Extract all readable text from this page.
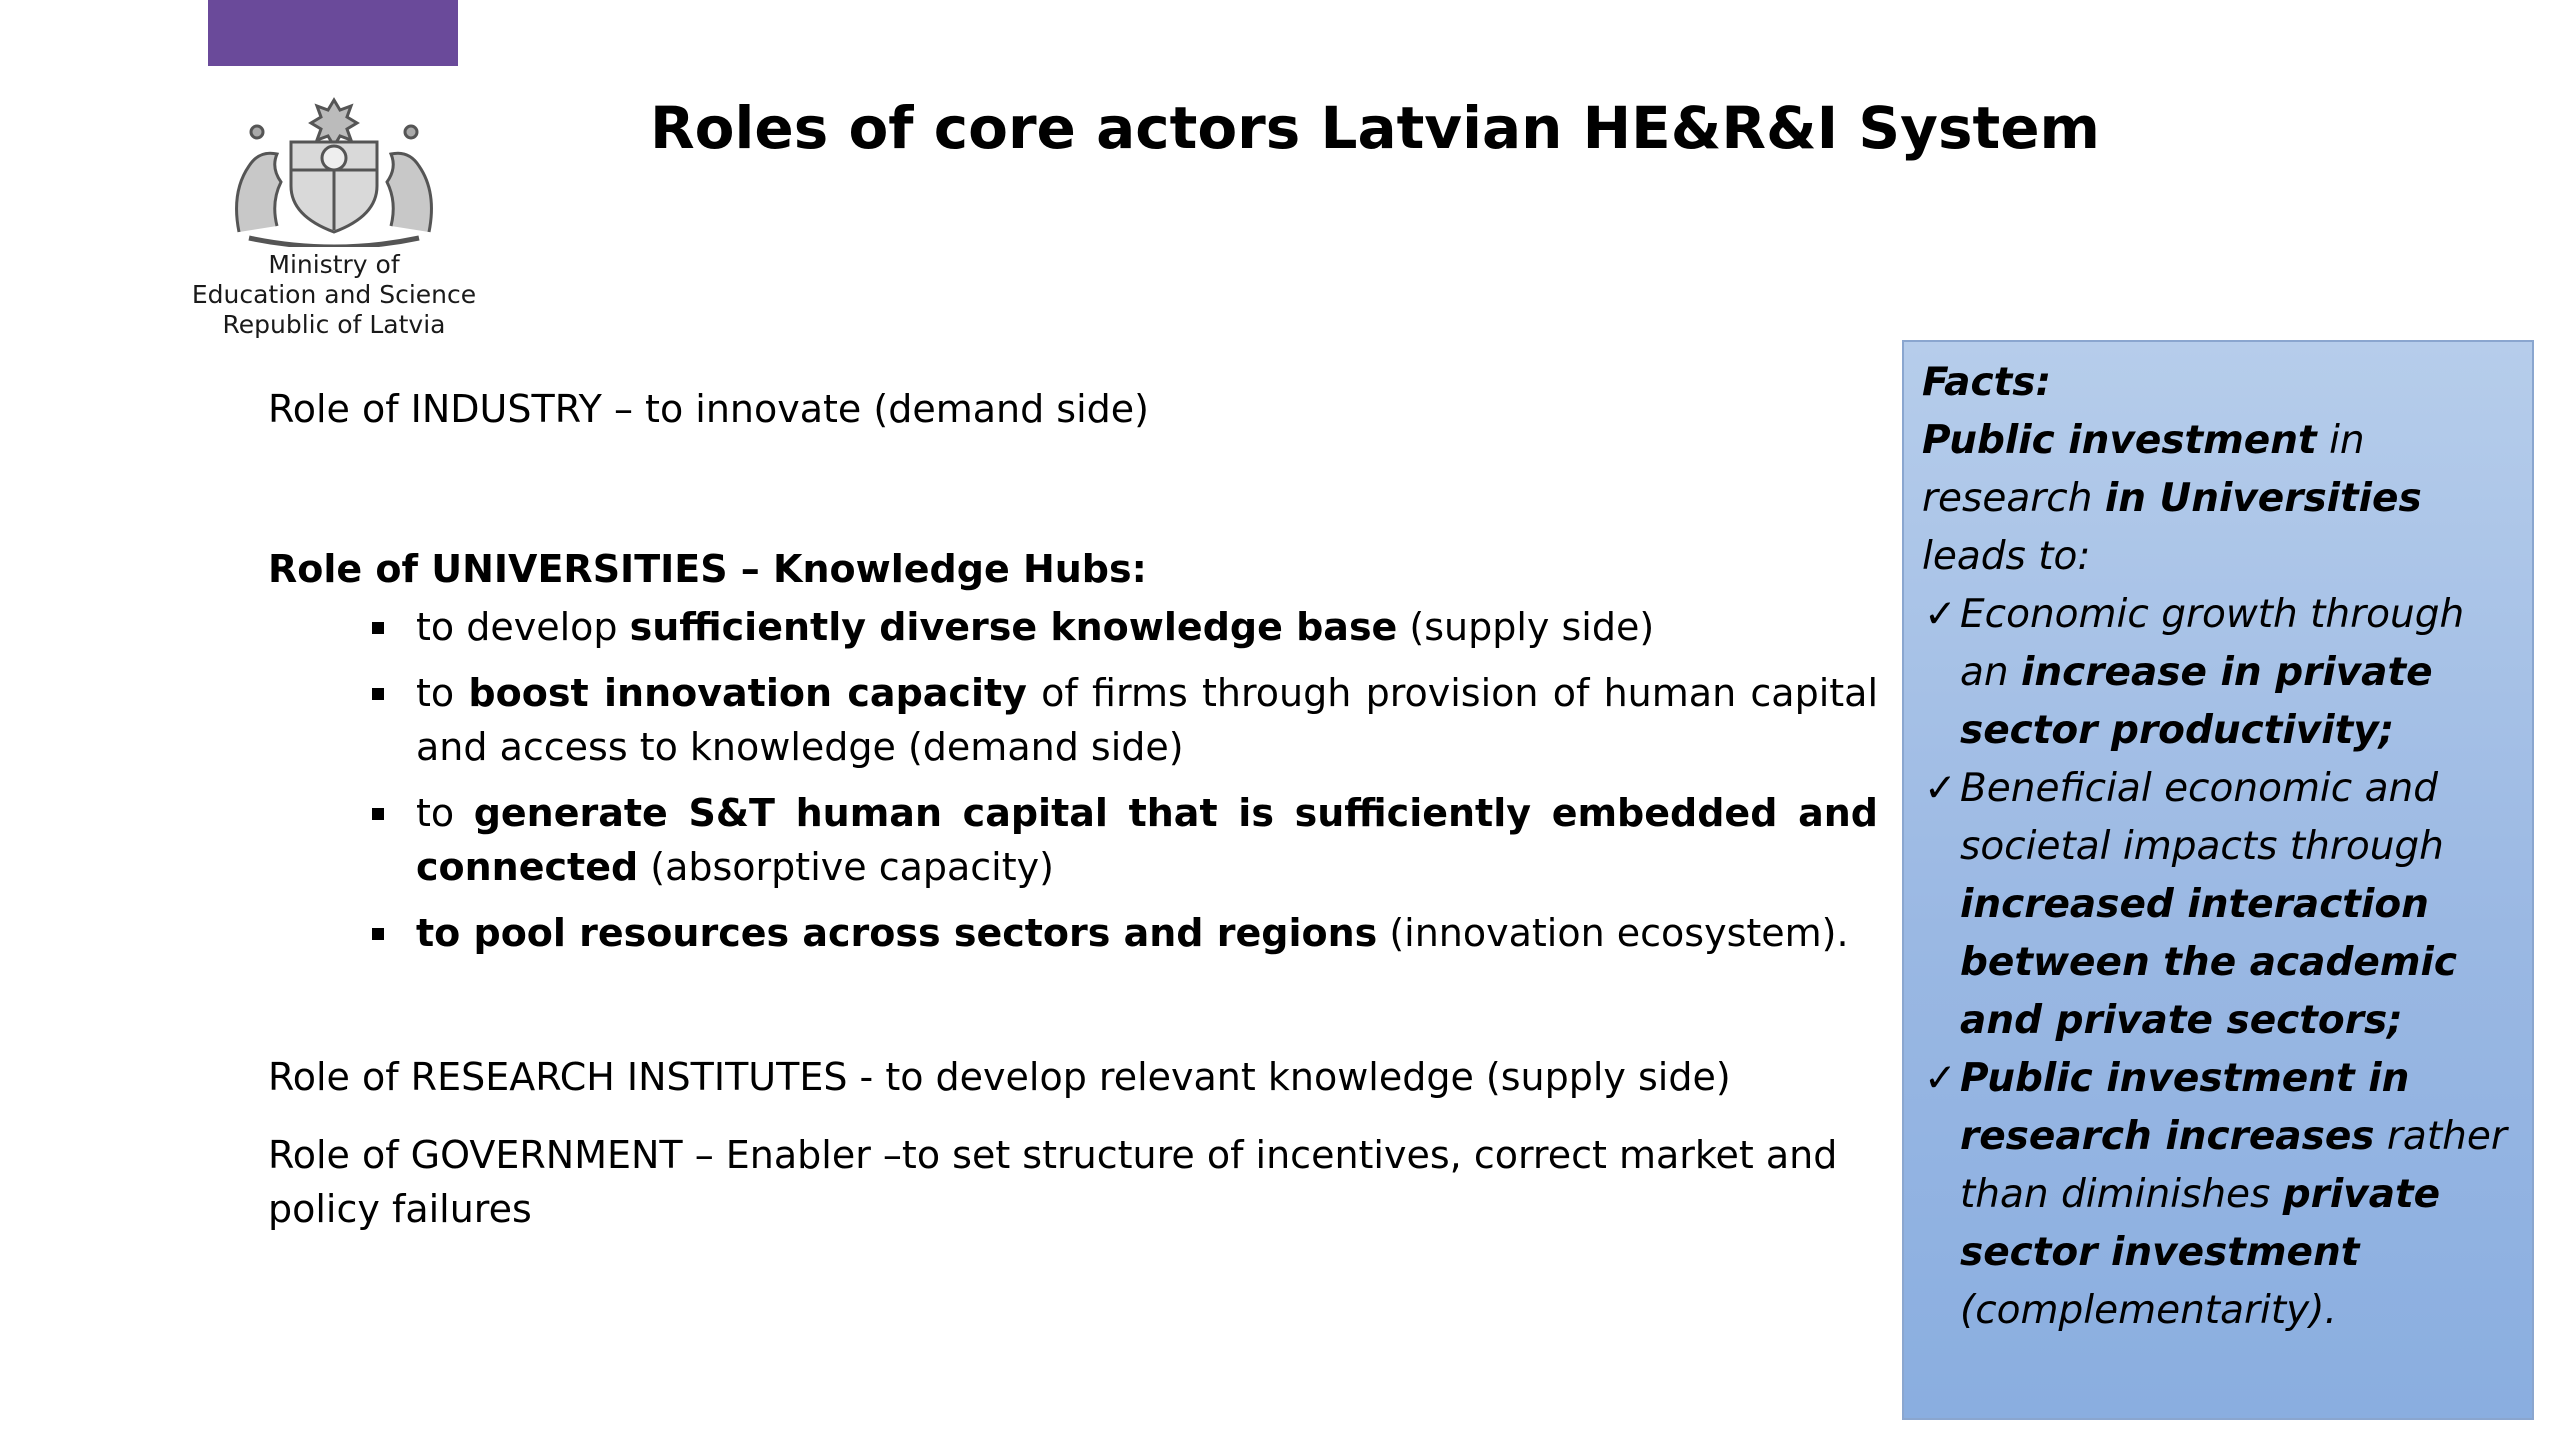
Ministry of
Education and Science
Republic of Latvia
Roles of core actors Latvian HE&R&I System
Role of INDUSTRY – to innovate (demand side)
Role of UNIVERSITIES – Knowledge Hubs:
to develop sufficiently diverse knowledge base (supply side)
to boost innovation capacity of firms through provision of human capital and access to knowledge (demand side)
to generate S&T human capital that is sufficiently embedded and connected (absorptive capacity)
to pool resources across sectors and regions (innovation ecosystem).
Role of RESEARCH INSTITUTES - to develop relevant knowledge (supply side)
Role of GOVERNMENT – Enabler –to set structure of incentives, correct market and policy failures
Facts:
Public investment in research in Universities leads to:
✓ Economic growth through an increase in private sector productivity;
✓ Beneficial economic and societal impacts through increased interaction between the academic and private sectors;
✓ Public investment in research increases rather than diminishes private sector investment (complementarity).
